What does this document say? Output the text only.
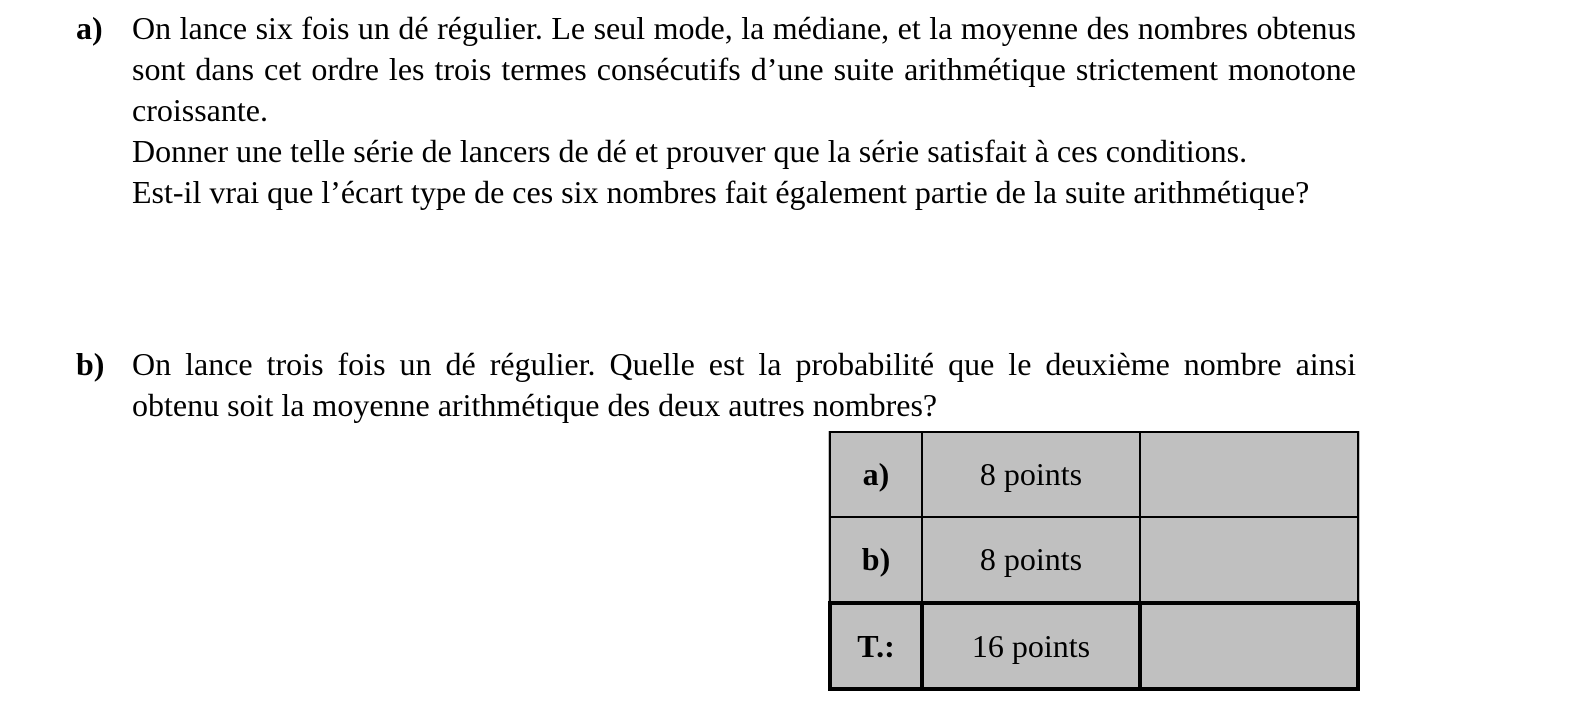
a) On lance six fois un dé régulier. Le seul mode, la médiane, et la moyenne des nombres obtenus sont dans cet ordre les trois termes consécutifs d’une suite arithmétique strictement monotone croissante.

Donner une telle série de lancers de dé et prouver que la série satisfait à ces conditions.

Est-il vrai que l’écart type de ces six nombres fait également partie de la suite arithmétique?

b) On lance trois fois un dé régulier. Quelle est la probabilité que le deuxième nombre ainsi obtenu soit la moyenne arithmétique des deux autres nombres?

a)	8 points	
b)	8 points	
T.:	16 points	
